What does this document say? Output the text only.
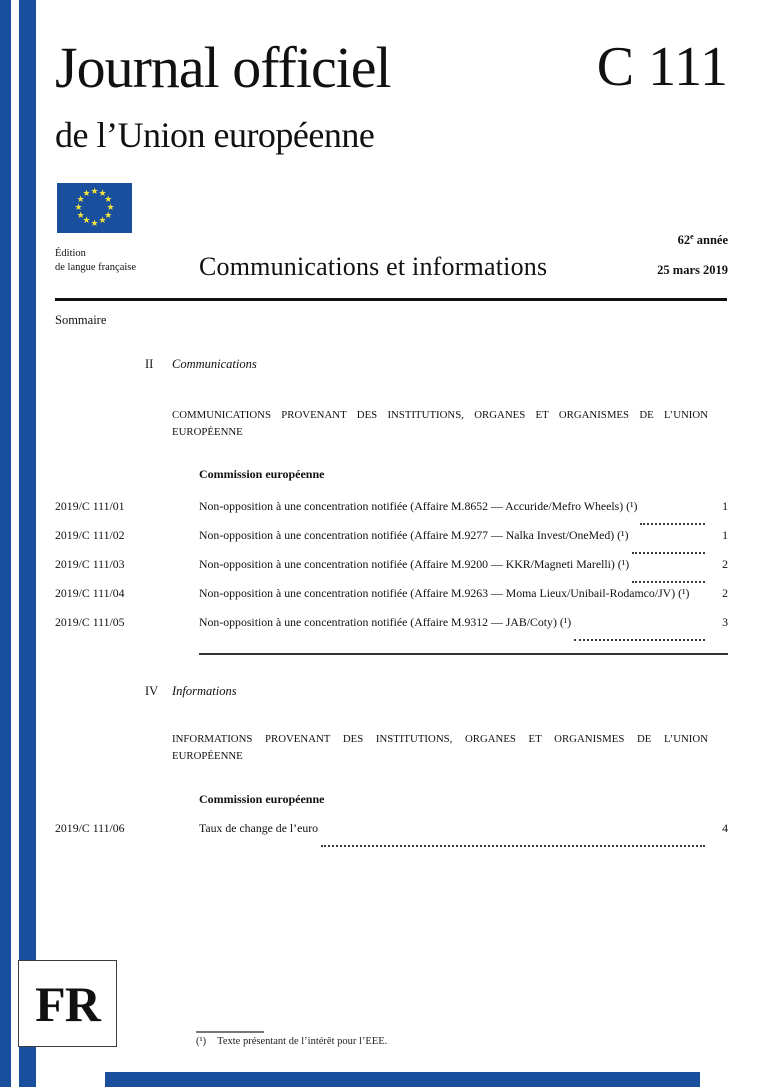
Journal officiel	C 111
de l’Union européenne
★ ★
★
★
★
★
★
★
★
★
★
★
62e année
Édition
de langue française Communications et informations	25 mars 2019
Sommaire
II Communications
COMMUNICATIONS PROVENANT DES INSTITUTIONS, ORGANES ET ORGANISMES DE L’UNION
EUROPÉENNE
Commission européenne
2019/C 111/01	Non-opposition à une concentration notifiée (Affaire M.8652 — Accuride/Mefro Wheels) (¹)	1
2019/C 111/02	Non-opposition à une concentration notifiée (Affaire M.9277 — Nalka Invest/OneMed) (¹)	1
2019/C 111/03	Non-opposition à une concentration notifiée (Affaire M.9200 — KKR/Magneti Marelli) (¹)	2
2019/C 111/04	Non-opposition à une concentration notifiée (Affaire M.9263 — Moma Lieux/Unibail-Rodamco/JV) (¹)	2
2019/C 111/05	Non-opposition à une concentration notifiée (Affaire M.9312 — JAB/Coty) (¹)	3
IV Informations
INFORMATIONS PROVENANT DES INSTITUTIONS, ORGANES ET ORGANISMES DE L’UNION
EUROPÉENNE
Commission européenne
2019/C 111/06	Taux de change de l’euro	4
FR
(¹) Texte présentant de l’intérêt pour l’EEE.
